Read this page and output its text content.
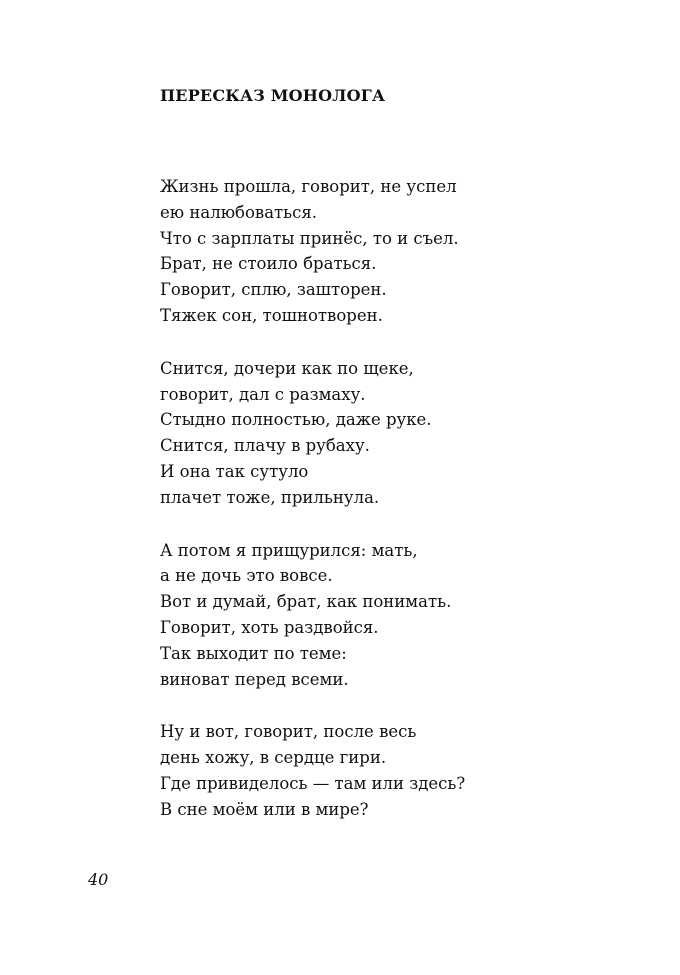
ПЕРЕСКАЗ МОНОЛОГА
Жизнь прошла, говорит, не успел
ею налюбоваться.
Что с зарплаты принёс, то и съел.
Брат, не стоило браться.
Говорит, сплю, зашторен.
Тяжек сон, тошнотворен.
Снится, дочери как по щеке,
говорит, дал с размаху.
Стыдно полностью, даже руке.
Снится, плачу в рубаху.
И она так сутуло
плачет тоже, прильнула.
А потом я прищурился: мать,
а не дочь это вовсе.
Вот и думай, брат, как понимать.
Говорит, хоть раздвойся.
Так выходит по теме:
виноват перед всеми.
Ну и вот, говорит, после весь
день хожу, в сердце гири.
Где привиделось — там или здесь?
В сне моём или в мире?
40
